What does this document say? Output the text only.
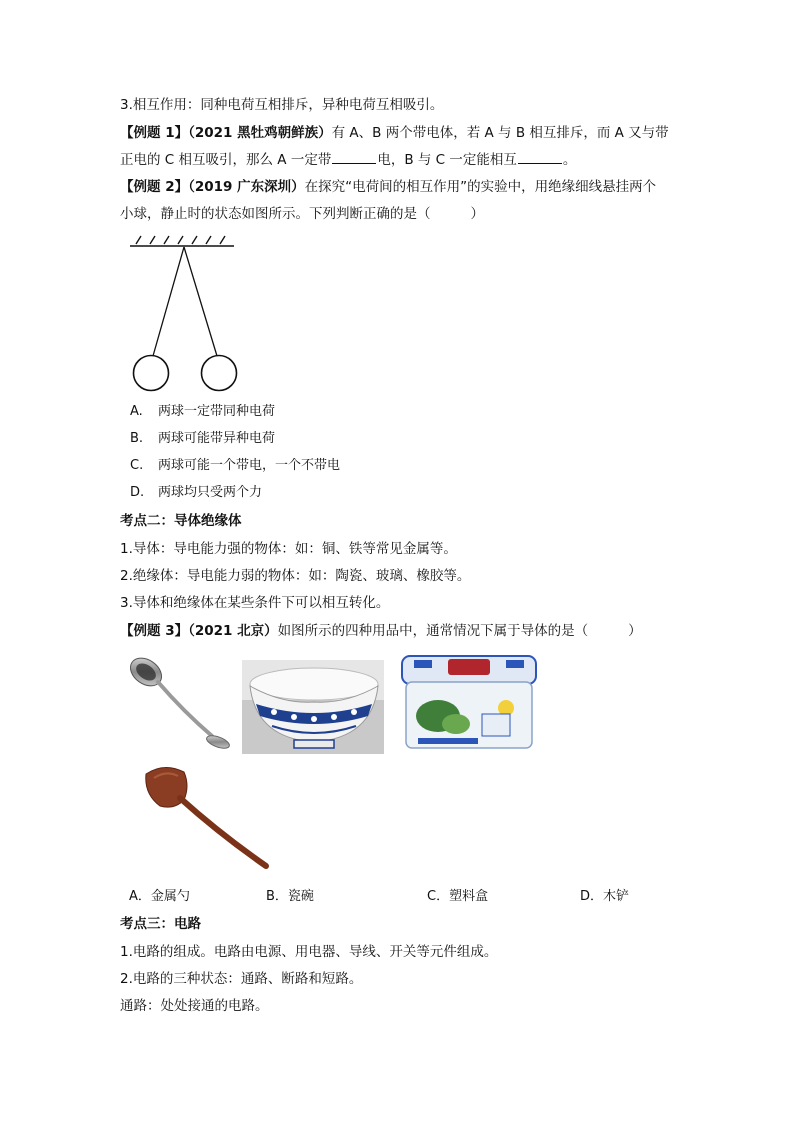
3.相互作用：同种电荷互相排斥，异种电荷互相吸引。
【例题 1】（2021 黑牡鸡朝鲜族）有 A、B 两个带电体，若 A 与 B 相互排斥，而 A 又与带
正电的 C 相互吸引，那么 A 一定带	电，B 与 C 一定能相互	。
【例题 2】（2019 广东深圳）在探究“电荷间的相互作用”的实验中，用绝缘细线悬挂两个
小球，静止时的状态如图所示。下列判断正确的是（	）
A. 两球一定带同种电荷
B. 两球可能带异种电荷
C. 两球可能一个带电，一个不带电
D. 两球均只受两个力
考点二：导体绝缘体
1.导体：导电能力强的物体：如：铜、铁等常见金属等。
2.绝缘体：导电能力弱的物体：如：陶瓷、玻璃、橡胶等。
3.导体和绝缘体在某些条件下可以相互转化。
【例题 3】（2021 北京）如图所示的四种用品中，通常情况下属于导体的是（	）
A．金属勺	B．瓷碗	C．塑料盒	D．木铲
考点三：电路
1.电路的组成。电路由电源、用电器、导线、开关等元件组成。
2.电路的三种状态：通路、断路和短路。
通路：处处接通的电路。
